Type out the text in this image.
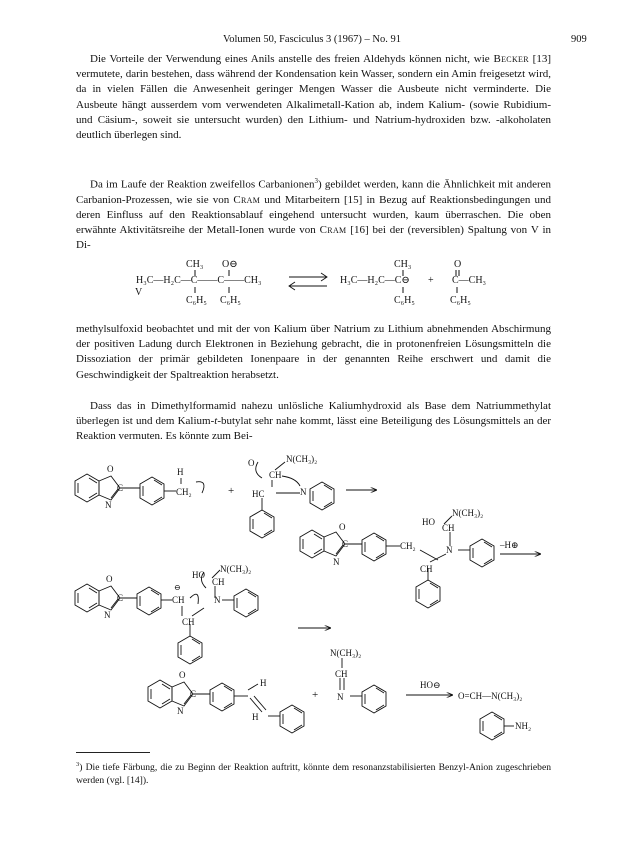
Volumen 50, Fasciculus 3 (1967) – No. 91	909

Die Vorteile der Verwendung eines Anils anstelle des freien Aldehyds können nicht, wie Becker [13] vermutete, darin bestehen, dass während der Kondensation kein Wasser, sondern ein Amin freigesetzt wird, da in vielen Fällen die Anwesenheit geringer Mengen Wasser die Ausbeute nicht verminderte. Die Ausbeute hängt ausserdem vom verwendeten Alkalimetall-Kation ab, indem Kalium- (sowie Rubidium- und Cäsium-, soweit sie untersucht wurden) den Lithium- und Natrium-hydroxiden bzw. -alkoholaten deutlich überlegen sind.

Da im Laufe der Reaktion zweifellos Carbanionen$^3$) gebildet werden, kann die Ähnlichkeit mit anderen Carbanion-Prozessen, wie sie von Cram und Mitarbeitern [15] in Bezug auf Reaktionsbedingungen und deren Einfluss auf den Reaktionsablauf eingehend untersucht wurden, kaum überraschen. Die oben erwähnte Aktivitätsreihe der Metall-Ionen wurde von Cram [16] bei der (reversiblen) Spaltung von V in Di-

V
CH₃ O⊖
H₃C—H₂C—C——C——CH₃
C₆H₅ C₆H₅
CH₃
H₃C—H₂C—C⊖
C₆H₅
+
O
C—CH₃
C₆H₅

methylsulfoxid beobachtet und mit der von Kalium über Natrium zu Lithium abnehmenden Abschirmung der positiven Ladung durch Elektronen in Beziehung gebracht, die in protonenfreien Lösungsmitteln die Dissoziation der primär gebildeten Ionenpaare in der genannten Reihe erschwert und damit die Geschwindigkeit der Spaltreaktion herabsetzt.

Dass das in Dimethylformamid nahezu unlösliche Kaliumhydroxid als Base dem Natriummethylat überlegen ist und dem Kalium-t-butylat sehr nahe kommt, lässt eine Beteiligung des Lösungsmittels an der Reaktion vermuten. Es könnte zum Bei-

O
N
C
H
CH₂	+
O
CH
N(CH₃)₂
HC	N
O
N
C	CH₂
CH
N
HO
CH
N(CH₃)₂
–H⊕
O
N
C
⊖
CH
CH
N
HO
CH
N(CH₃)₂
O
N
C
H
H
+
N(CH₃)₂
CH
N
HO⊖
O=CH—N(CH₃)₂
NH₂

$^3$) Die tiefe Färbung, die zu Beginn der Reaktion auftritt, könnte dem resonanzstabilisierten Benzyl-Anion zugeschrieben werden (vgl. [14]).
